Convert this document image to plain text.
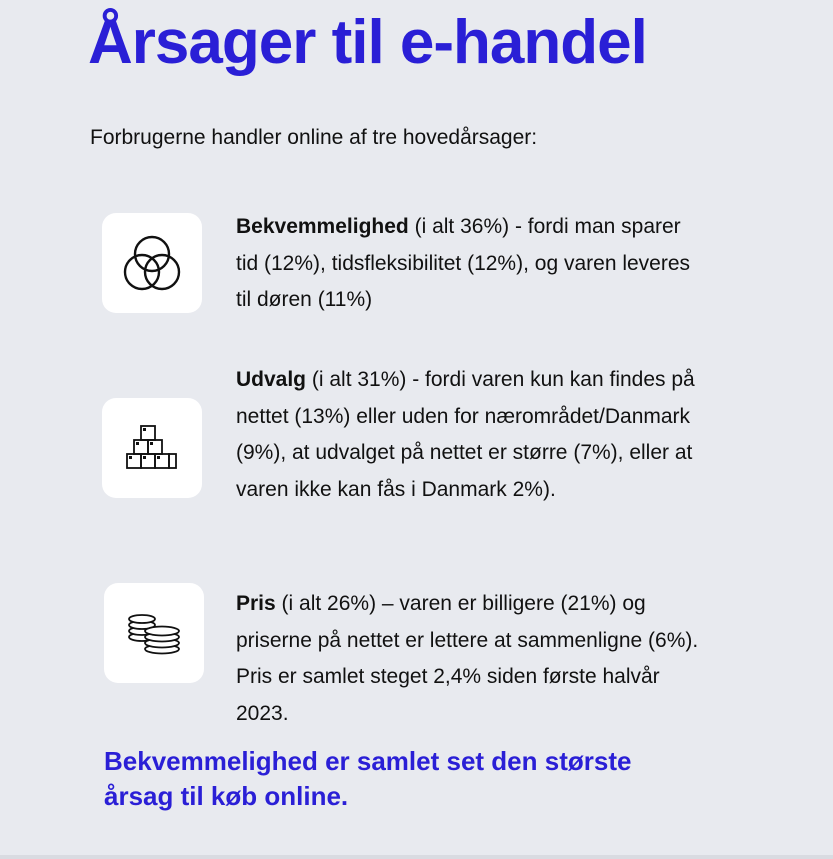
Årsager til e-handel

Forbrugerne handler online af tre hovedårsager:

Bekvemmelighed (i alt 36%) - fordi man sparer tid (12%), tidsfleksibilitet (12%), og varen leveres til døren (11%)

Udvalg (i alt 31%) - fordi varen kun kan findes på nettet (13%) eller uden for nærområdet/Danmark (9%), at udvalget på nettet er større (7%), eller at varen ikke kan fås i Danmark 2%).

Pris (i alt 26%) – varen er billigere (21%) og priserne på nettet er lettere at sammenligne (6%). Pris er samlet steget 2,4% siden første halvår 2023.

Bekvemmelighed er samlet set den største årsag til køb online.
